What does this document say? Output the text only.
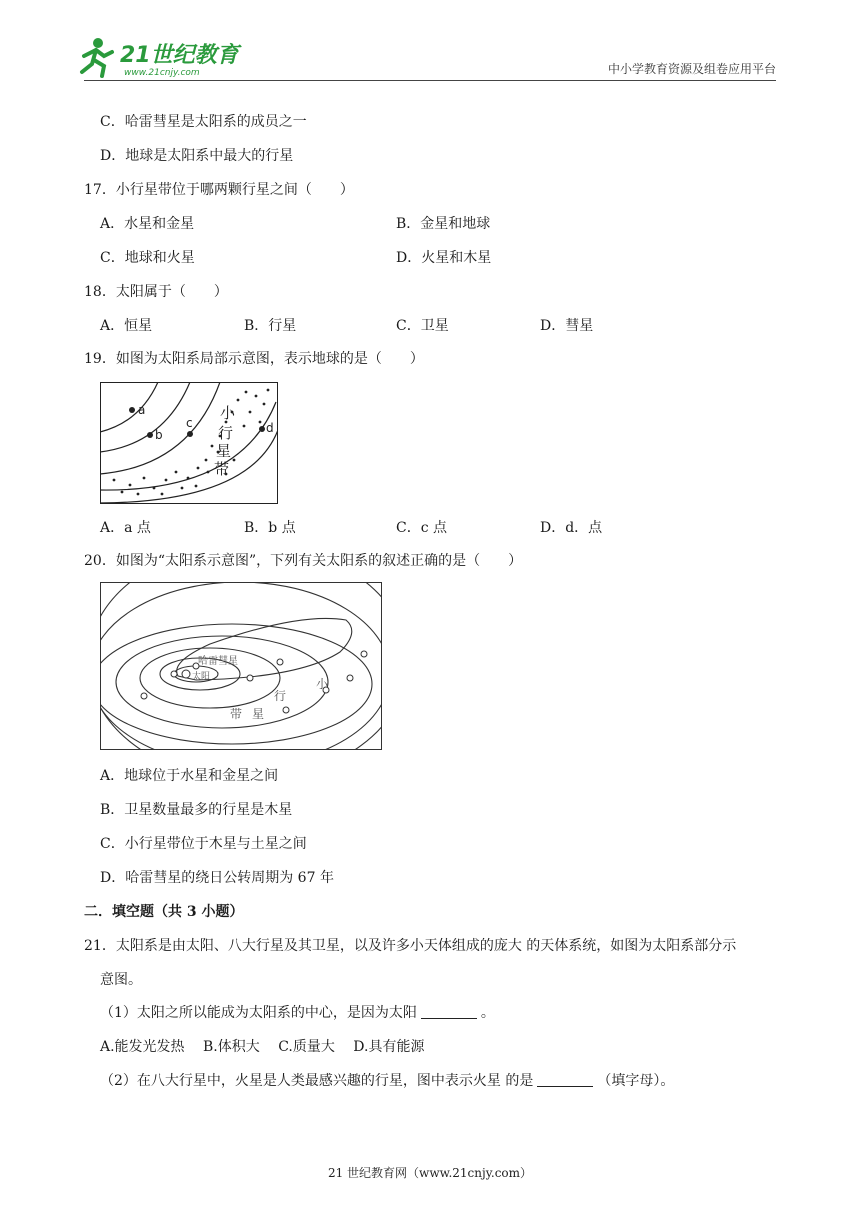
21世纪教育
www.21cnjy.com	中小学教育资源及组卷应用平台
C．哈雷彗星是太阳系的成员之一
D．地球是太阳系中最大的行星
17．小行星带位于哪两颗行星之间（　　）
A．水星和金星	B．金星和地球
C．地球和火星	D．火星和木星
18．太阳属于（　　）
A．恒星	B．行星	C．卫星	D．彗星
19．如图为太阳系局部示意图，表示地球的是（　　）
a
b
c	d
小
行
星
带
A．a 点	B．b 点	C．c 点	D．d．点
20．如图为“太阳系示意图”，下列有关太阳系的叙述正确的是（　　）
哈雷彗星
太阳	小
行
星
带
A．地球位于水星和金星之间
B．卫星数量最多的行星是木星
C．小行星带位于木星与土星之间
D．哈雷彗星的绕日公转周期为 67 年
二．填空题（共 3 小题）
21．太阳系是由太阳、八大行星及其卫星，以及许多小天体组成的庞大 的天体系统，如图为太阳系部分示
意图。
（1）太阳之所以能成为太阳系的中心，是因为太阳	。
A.能发光发热　 B.体积大　 C.质量大　 D.具有能源
（2）在八大行星中，火星是人类最感兴趣的行星，图中表示火星 的是	（填字母）。
21 世纪教育网（www.21cnjy.com）
